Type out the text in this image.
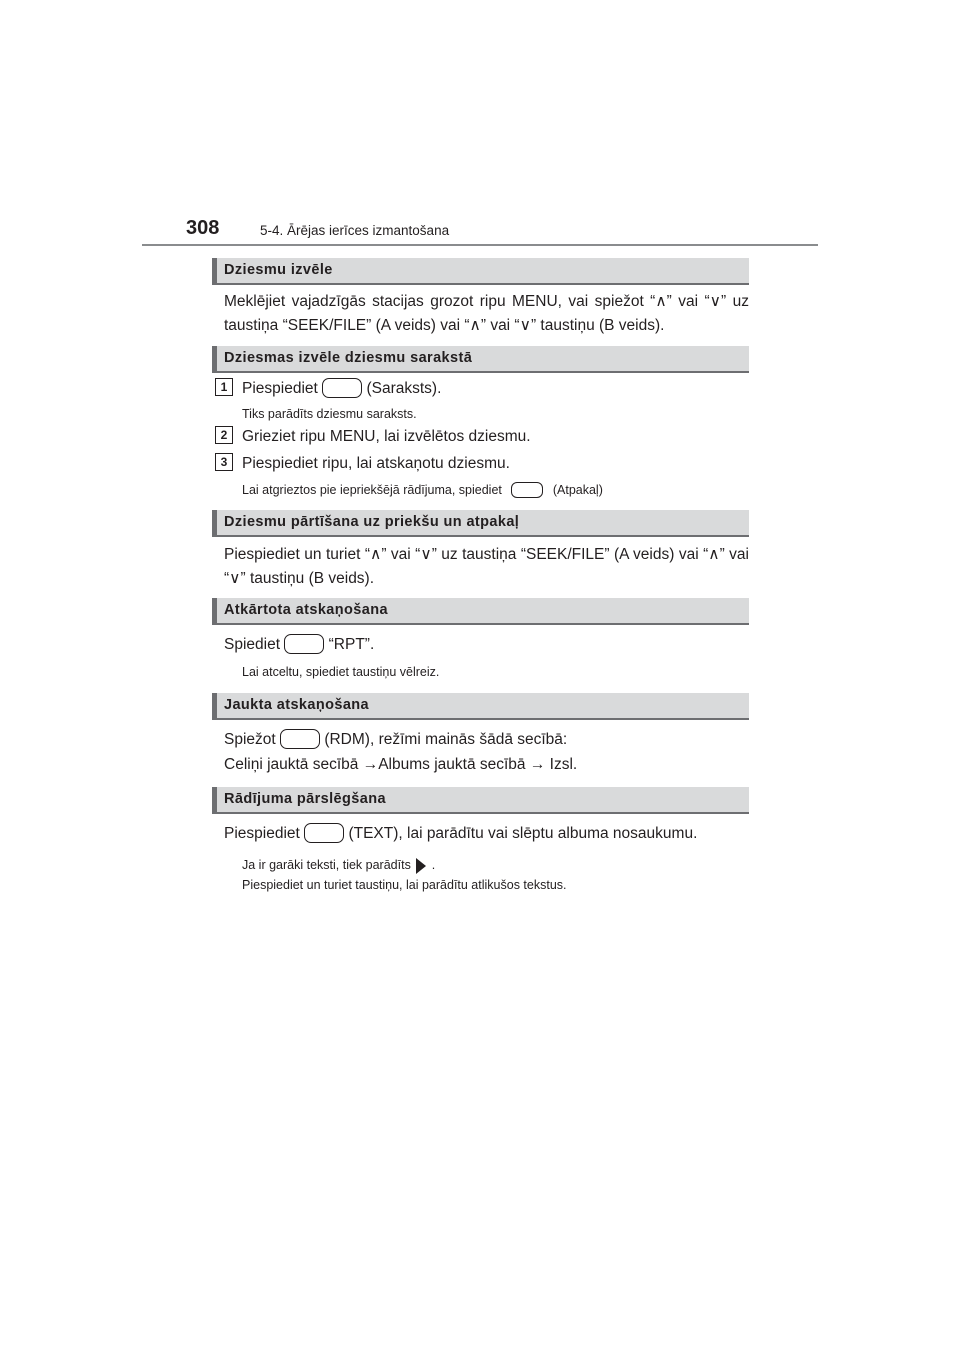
308	5-4. Ārējas ierīces izmantošana
Dziesmu izvēle
Meklējiet vajadzīgās stacijas grozot ripu MENU, vai spiežot “∧” vai “∨” uz taustiņa “SEEK/FILE” (A veids) vai “∧” vai “∨” taustiņu (B veids).
Dziesmas izvēle dziesmu sarakstā
1 Piespiediet	(Saraksts).
Tiks parādīts dziesmu saraksts.
2 Grieziet ripu MENU, lai izvēlētos dziesmu.
3 Piespiediet ripu, lai atskaņotu dziesmu.
Lai atgrieztos pie iepriekšējā rādījuma, spiediet	(Atpakaļ)
Dziesmu pārtīšana uz priekšu un atpakaļ
Piespiediet un turiet “∧” vai “∨” uz taustiņa “SEEK/FILE” (A veids) vai “∧” vai “∨” taustiņu (B veids).
Atkārtota atskaņošana
Spiediet	“RPT”.
Lai atceltu, spiediet taustiņu vēlreiz.
Jaukta atskaņošana
Spiežot	(RDM), režīmi mainās šādā secībā:
Celiņi jauktā secībā →Albums jauktā secībā → Izsl.
Rādījuma pārslēgšana
Piespiediet	(TEXT), lai parādītu vai slēptu albuma nosaukumu.
Ja ir garāki teksti, tiek parādīts .
Piespiediet un turiet taustiņu, lai parādītu atlikušos tekstus.
